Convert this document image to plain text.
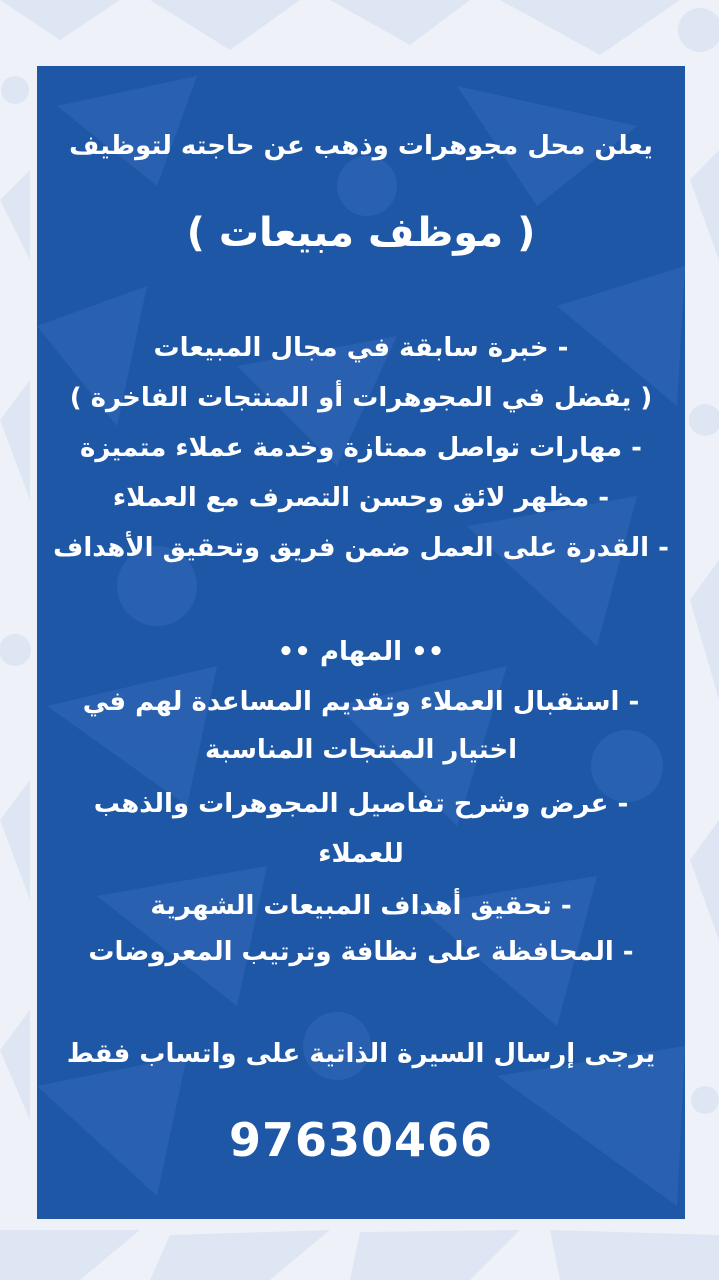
يعلن محل مجوهرات وذهب عن حاجته لتوظيف
( موظف مبيعات )
- خبرة سابقة في مجال المبيعات
( يفضل في المجوهرات أو المنتجات الفاخرة )
- مهارات تواصل ممتازة وخدمة عملاء متميزة
- مظهر لائق وحسن التصرف مع العملاء
- القدرة على العمل ضمن فريق وتحقيق الأهداف
•• المهام ••
- استقبال العملاء وتقديم المساعدة لهم في
اختيار المنتجات المناسبة
- عرض وشرح تفاصيل المجوهرات والذهب
للعملاء
- تحقيق أهداف المبيعات الشهرية
- المحافظة على نظافة وترتيب المعروضات
يرجى إرسال السيرة الذاتية على واتساب فقط
97630466
